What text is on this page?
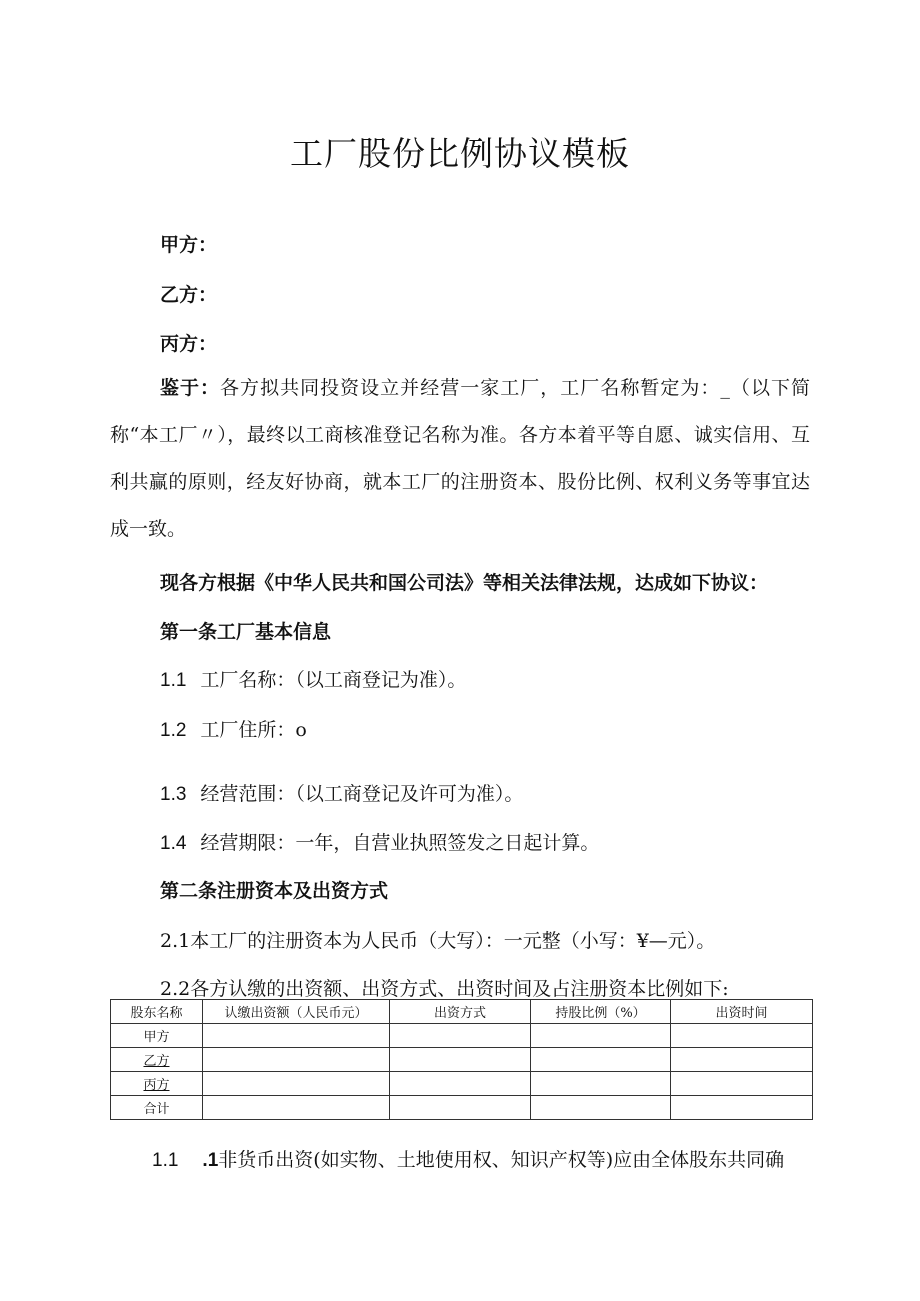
工厂股份比例协议模板
甲方：
乙方：
丙方：
鉴于：各方拟共同投资设立并经营一家工厂，工厂名称暂定为：_（以下简称“本工厂〃），最终以工商核准登记名称为准。各方本着平等自愿、诚实信用、互利共赢的原则，经友好协商，就本工厂的注册资本、股份比例、权利义务等事宜达成一致。
现各方根据《中华人民共和国公司法》等相关法律法规，达成如下协议：
第一条工厂基本信息
1.1 工厂名称：（以工商登记为准）。
1.2 工厂住所：o
1.3 经营范围：（以工商登记及许可为准）。
1.4 经营期限：一年，自营业执照签发之日起计算。
第二条注册资本及出资方式
2.1本工厂的注册资本为人民币（大写）：一元整（小写：¥—元）。
2.2各方认缴的出资额、出资方式、出资时间及占注册资本比例如下:
股东名称	认缴出资额（人民币元）	出资方式	持股比例（%）	出资时间
甲方				
乙方				
丙方				
合计				
1.1 .1非货币出资(如实物、土地使用权、知识产权等)应由全体股东共同确
